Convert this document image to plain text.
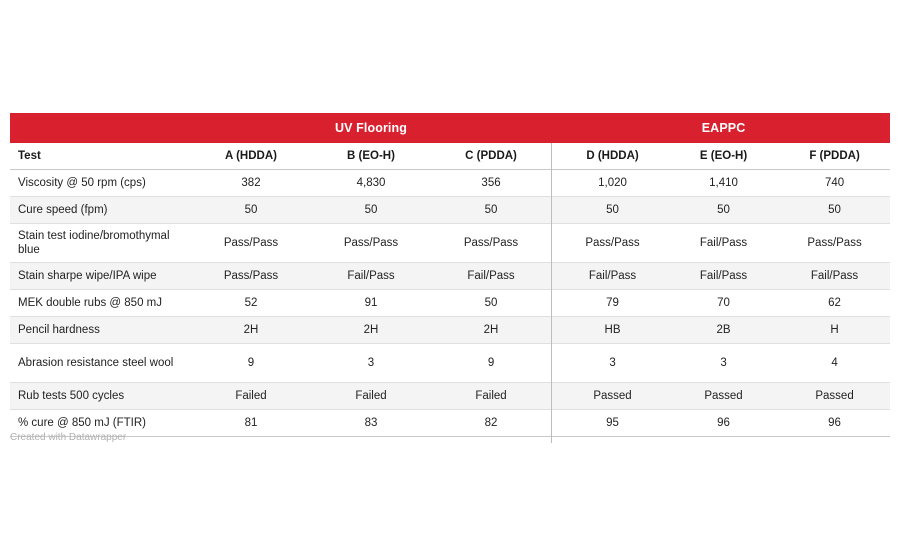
	UV Flooring				EAPPC		
Test	A (HDDA)	B (EO-H)	C (PDDA)		D (HDDA)	E (EO-H)	F (PDDA)
Viscosity @ 50 rpm (cps)	382	4,830	356		1,020	1,410	740
Cure speed (fpm)	50	50	50		50	50	50
Stain test iodine/bromothymal blue	Pass/Pass	Pass/Pass	Pass/Pass		Pass/Pass	Fail/Pass	Pass/Pass
Stain sharpe wipe/IPA wipe	Pass/Pass	Fail/Pass	Fail/Pass		Fail/Pass	Fail/Pass	Fail/Pass
MEK double rubs @ 850 mJ	52	91	50		79	70	62
Pencil hardness	2H	2H	2H		HB	2B	H
Abrasion resistance steel wool	9	3	9		3	3	4
Rub tests 500 cycles	Failed	Failed	Failed		Passed	Passed	Passed
% cure @ 850 mJ (FTIR)	81	83	82		95	96	96
Created with Datawrapper
